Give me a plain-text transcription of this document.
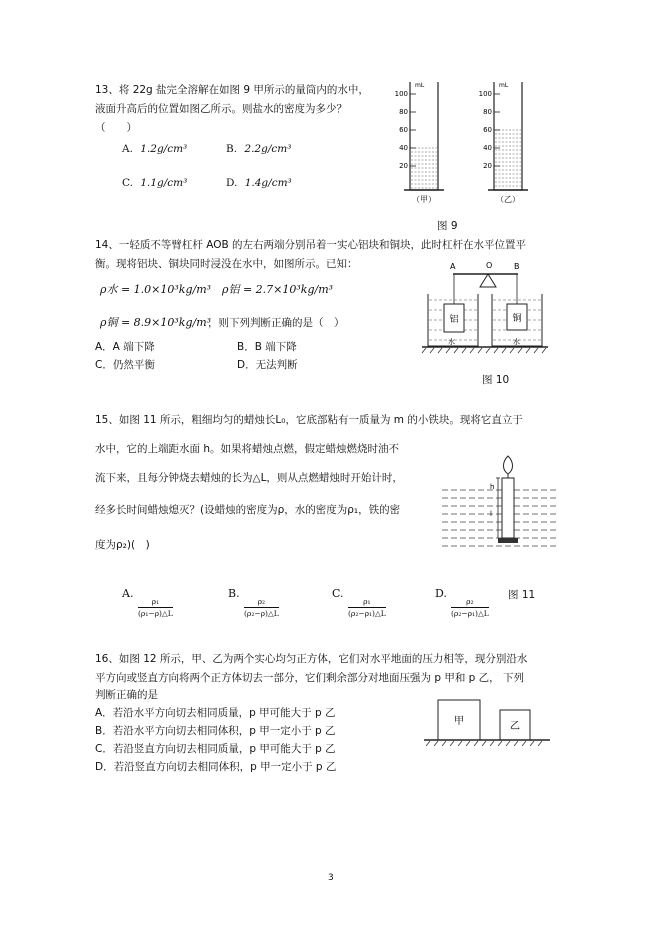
13、将 22g 盐完全溶解在如图 9 甲所示的量筒内的水中，
液面升高后的位置如图乙所示。则盐水的密度为多少？
（　　）
A. 1.2g/cm³	B. 2.2g/cm³
C. 1.1g/cm³	D. 1.4g/cm³
mL
100
80
60
40
20
（甲）
mL
100
80
60
40
20
（乙）
图 9
14、一轻质不等臂杠杆 AOB 的左右两端分别吊着一实心铝块和铜块，此时杠杆在水平位置平
衡。现将铝块、铜块同时浸没在水中，如图所示。已知：
ρ水 = 1.0×10³kg/m³ ρ铝 = 2.7×10³kg/m³
ρ铜 = 8.9×10³kg/m³
，则下列判断正确的是（　）
A．A 端下降	B．B 端下降
C．仍然平衡	D．无法判断
A	O	B
铝
水
铜
水
图 10
15、如图 11 所示，粗细均匀的蜡烛长L₀，它底部粘有一质量为 m 的小铁块。现将它直立于
水中，它的上端距水面 h。如果将蜡烛点燃，假定蜡烛燃烧时油不
流下来，且每分钟烧去蜡烛的长为△L，则从点燃蜡烛时开始计时，
经多长时间蜡烛熄灭？(设蜡烛的密度为ρ，水的密度为ρ₁，铁的密
度为ρ₂)(　)
h
l
图 11
A.
$\frac{\text{ρ₁}}{\text{(ρ₁−ρ)△L}}$
B.
$\frac{\text{ρ₂}}{\text{(ρ₂−ρ)△L}}$
C.
$\frac{\text{ρ₁}}{\text{(ρ₂−ρ₁)△L}}$
D.
$\frac{\text{ρ₂}}{\text{(ρ₂−ρ₁)△L}}$
16、如图 12 所示，甲、乙为两个实心均匀正方体，它们对水平地面的压力相等，现分别沿水
平方向或竖直方向将两个正方体切去一部分，它们剩余部分对地面压强为 p 甲和 p 乙， 下列
判断正确的是
A．若沿水平方向切去相同质量，p 甲可能大于 p 乙
B．若沿水平方向切去相同体积，p 甲一定小于 p 乙
C．若沿竖直方向切去相同质量，p 甲可能大于 p 乙
D．若沿竖直方向切去相同体积，p 甲一定小于 p 乙
甲	乙
3
